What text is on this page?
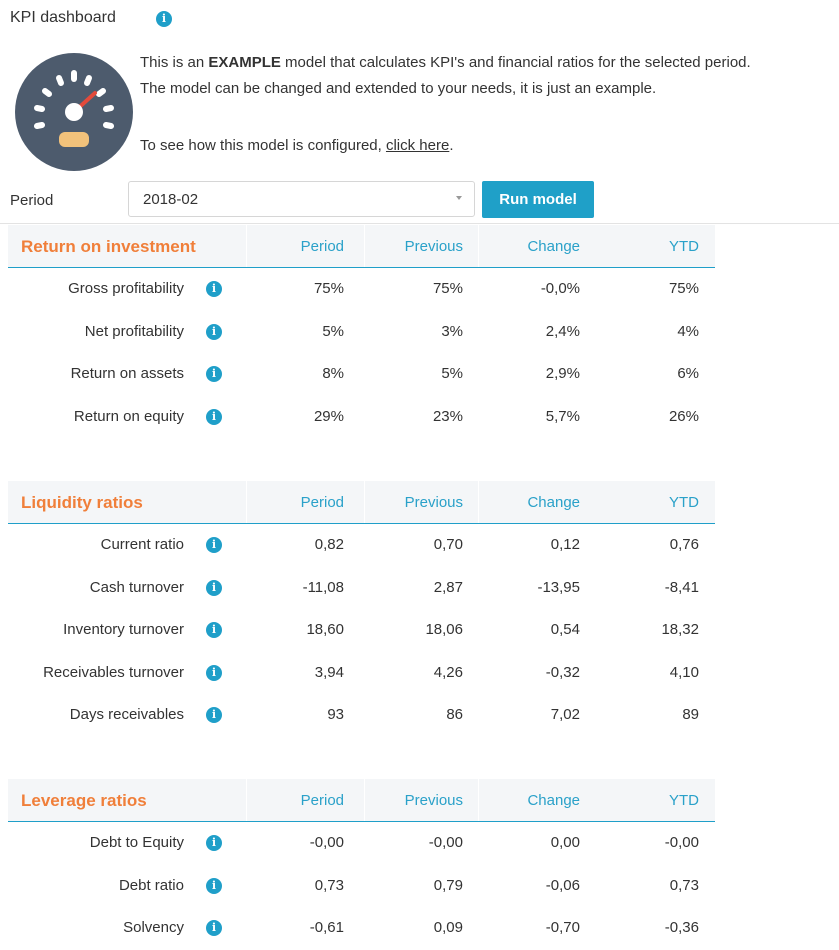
KPI dashboard	i

This is an EXAMPLE model that calculates KPI's and financial ratios for the selected period.

The model can be changed and extended to your needs, it is just an example.

To see how this model is configured, click here.

Period	2018-02	Run model
Return on investment	Period	Previous	Change	YTD
Gross profitability	i	75%	75%	-0,0%	75%
Net profitability	i	5%	3%	2,4%	4%
Return on assets	i	8%	5%	2,9%	6%
Return on equity	i	29%	23%	5,7%	26%
Liquidity ratios	Period	Previous	Change	YTD
Current ratio	i	0,82	0,70	0,12	0,76
Cash turnover	i	-11,08	2,87	-13,95	-8,41
Inventory turnover	i	18,60	18,06	0,54	18,32
Receivables turnover	i	3,94	4,26	-0,32	4,10
Days receivables	i	93	86	7,02	89
Leverage ratios	Period	Previous	Change	YTD
Debt to Equity	i	-0,00	-0,00	0,00	-0,00
Debt ratio	i	0,73	0,79	-0,06	0,73
Solvency	i	-0,61	0,09	-0,70	-0,36
